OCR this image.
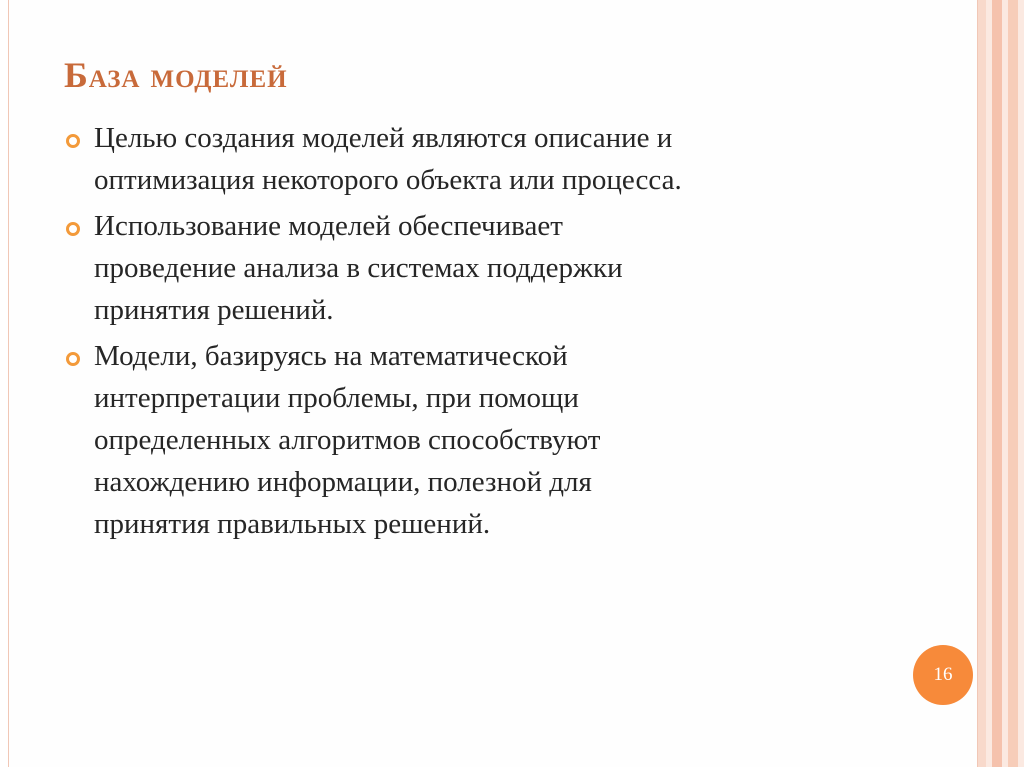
База моделей
Целью создания моделей являются описание и
оптимизация некоторого объекта или процесса.
Использование моделей обеспечивает
проведение анализа в системах поддержки
принятия решений.
Модели, базируясь на математической
интерпретации проблемы, при помощи
определенных алгоритмов способствуют
нахождению информации, полезной для
принятия правильных решений.
16
